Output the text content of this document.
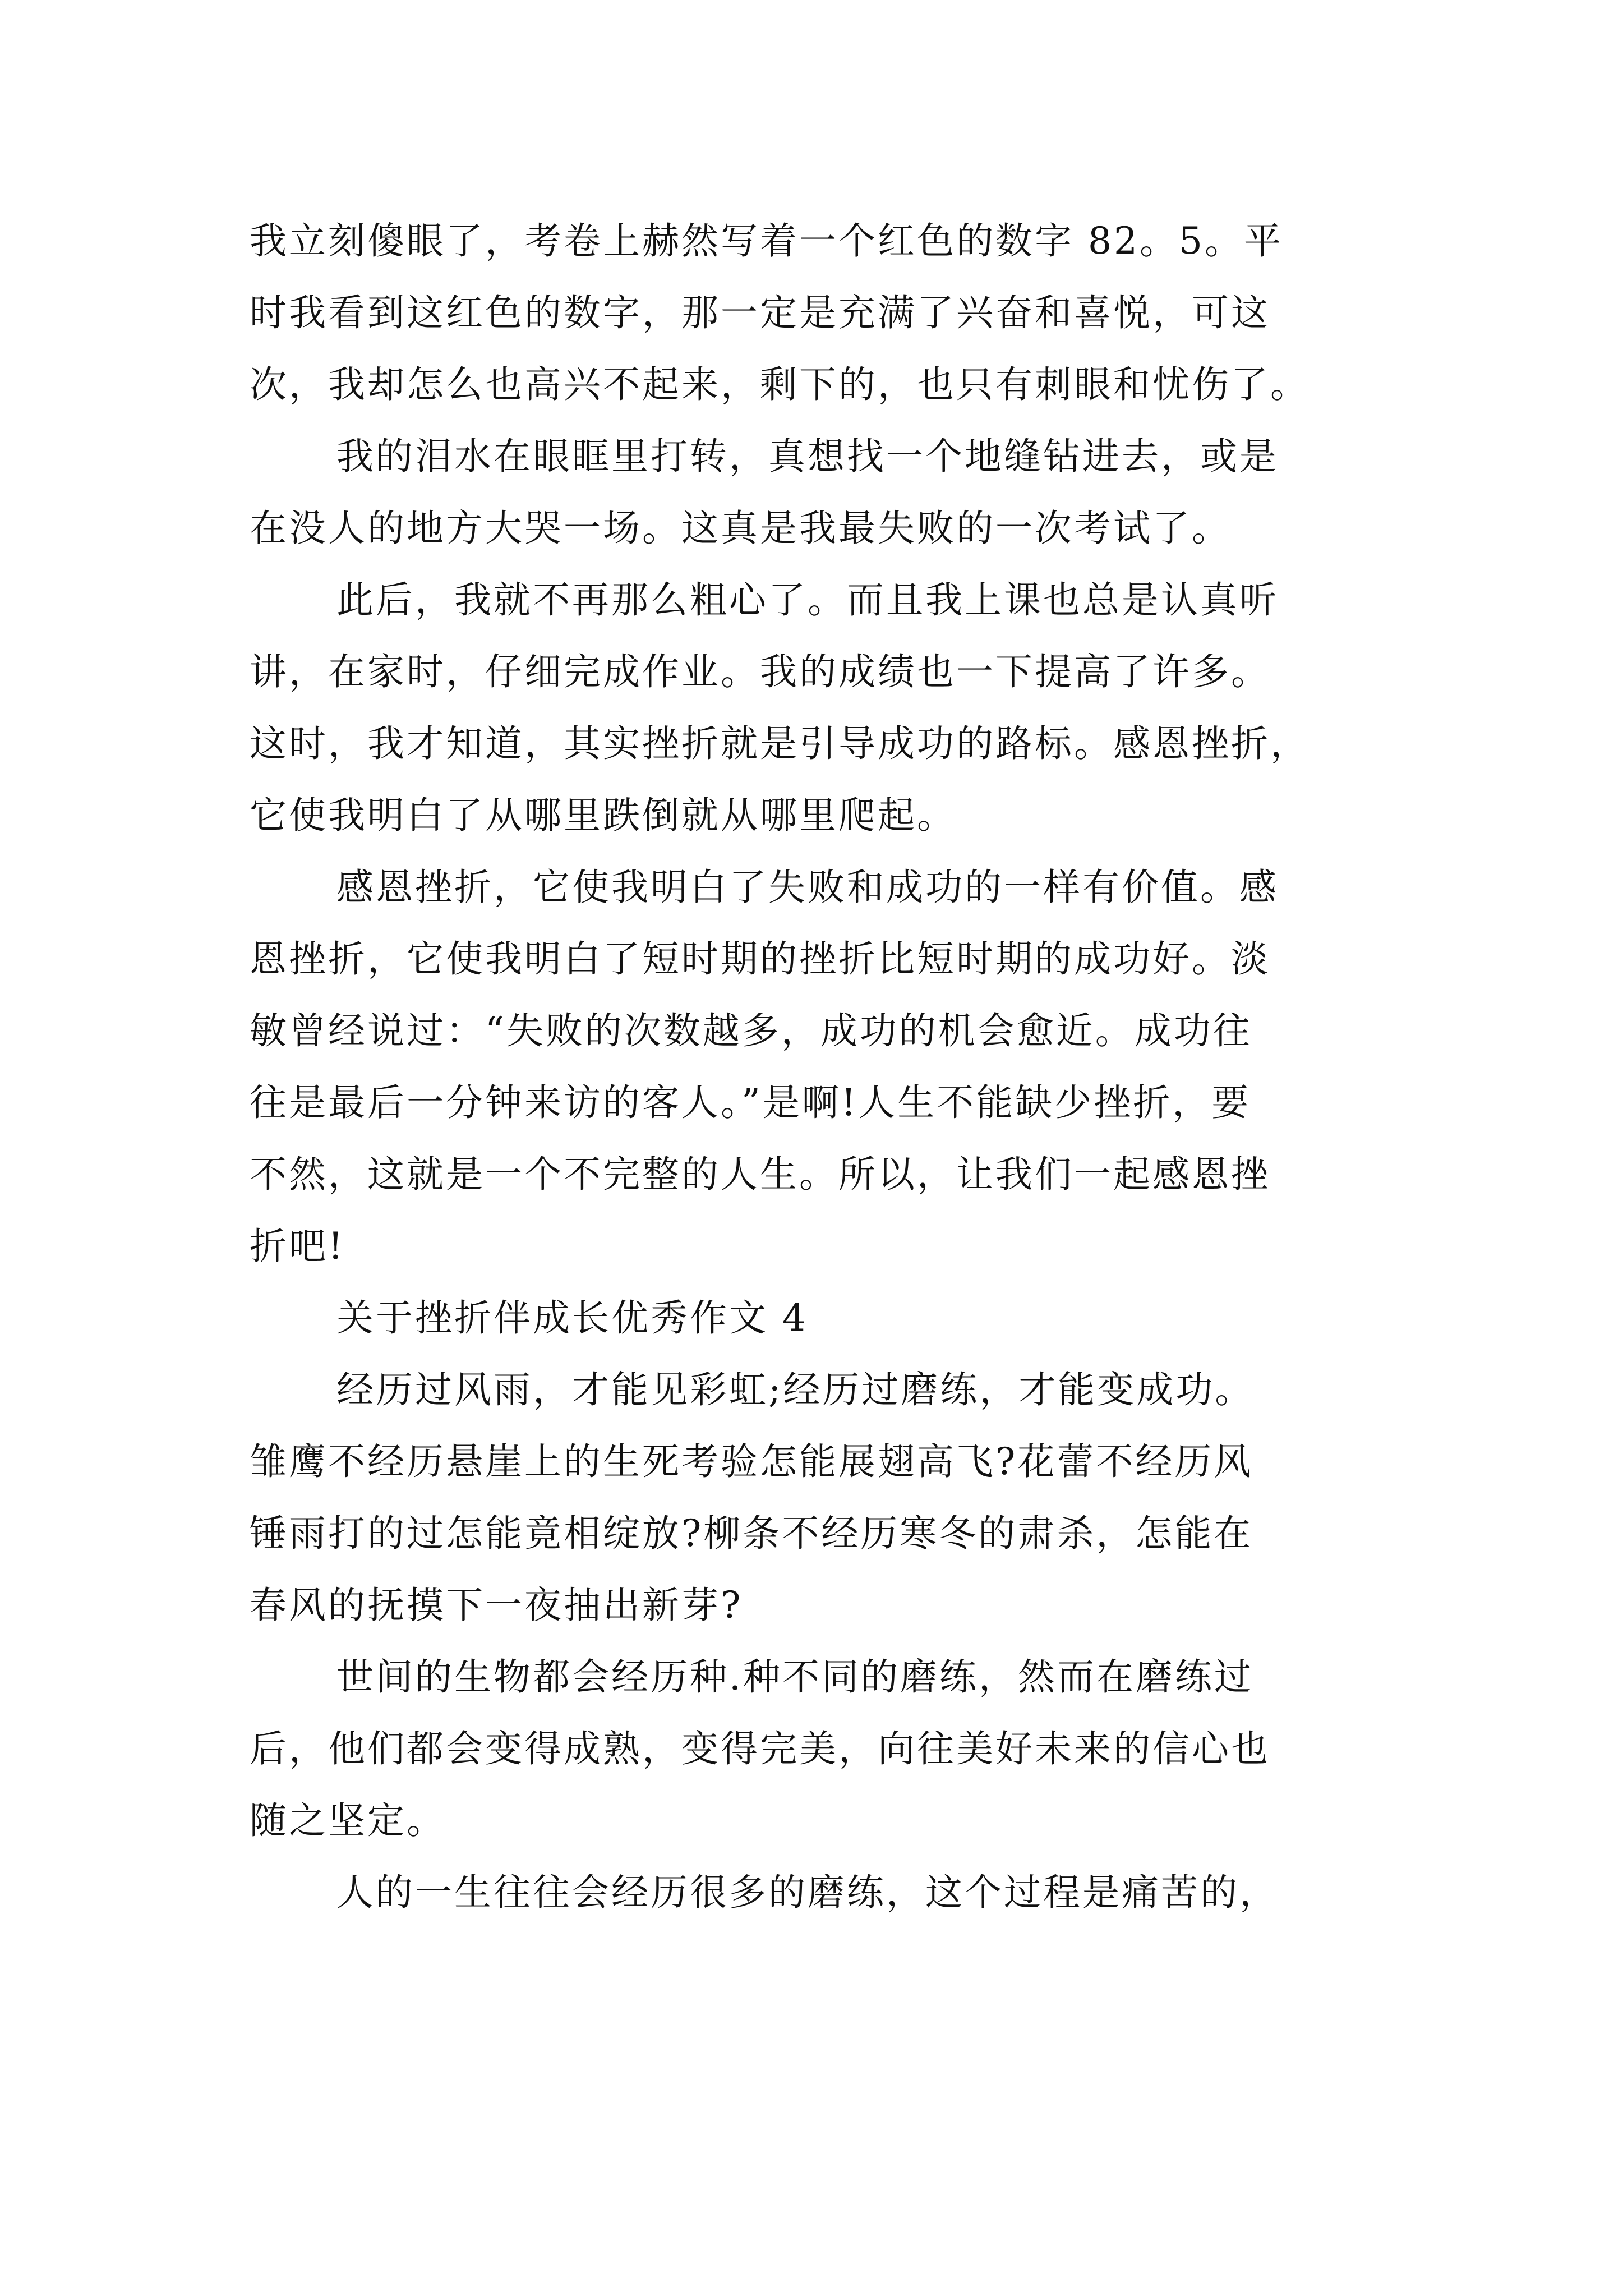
我立刻傻眼了，考卷上赫然写着一个红色的数字 82。5。平
时我看到这红色的数字，那一定是充满了兴奋和喜悦，可这
次，我却怎么也高兴不起来，剩下的，也只有刺眼和忧伤了。
我的泪水在眼眶里打转，真想找一个地缝钻进去，或是
在没人的地方大哭一场。这真是我最失败的一次考试了。
此后，我就不再那么粗心了。而且我上课也总是认真听
讲，在家时，仔细完成作业。我的成绩也一下提高了许多。
这时，我才知道，其实挫折就是引导成功的路标。感恩挫折，
它使我明白了从哪里跌倒就从哪里爬起。
感恩挫折，它使我明白了失败和成功的一样有价值。感
恩挫折，它使我明白了短时期的挫折比短时期的成功好。淡
敏曾经说过：“失败的次数越多，成功的机会愈近。成功往
往是最后一分钟来访的客人。”是啊!人生不能缺少挫折，要
不然，这就是一个不完整的人生。所以，让我们一起感恩挫
折吧!
关于挫折伴成长优秀作文 4
经历过风雨，才能见彩虹;经历过磨练，才能变成功。
雏鹰不经历悬崖上的生死考验怎能展翅高飞?花蕾不经历风
锤雨打的过怎能竟相绽放?柳条不经历寒冬的肃杀，怎能在
春风的抚摸下一夜抽出新芽?
世间的生物都会经历种.种不同的磨练，然而在磨练过
后，他们都会变得成熟，变得完美，向往美好未来的信心也
随之坚定。
人的一生往往会经历很多的磨练，这个过程是痛苦的，
